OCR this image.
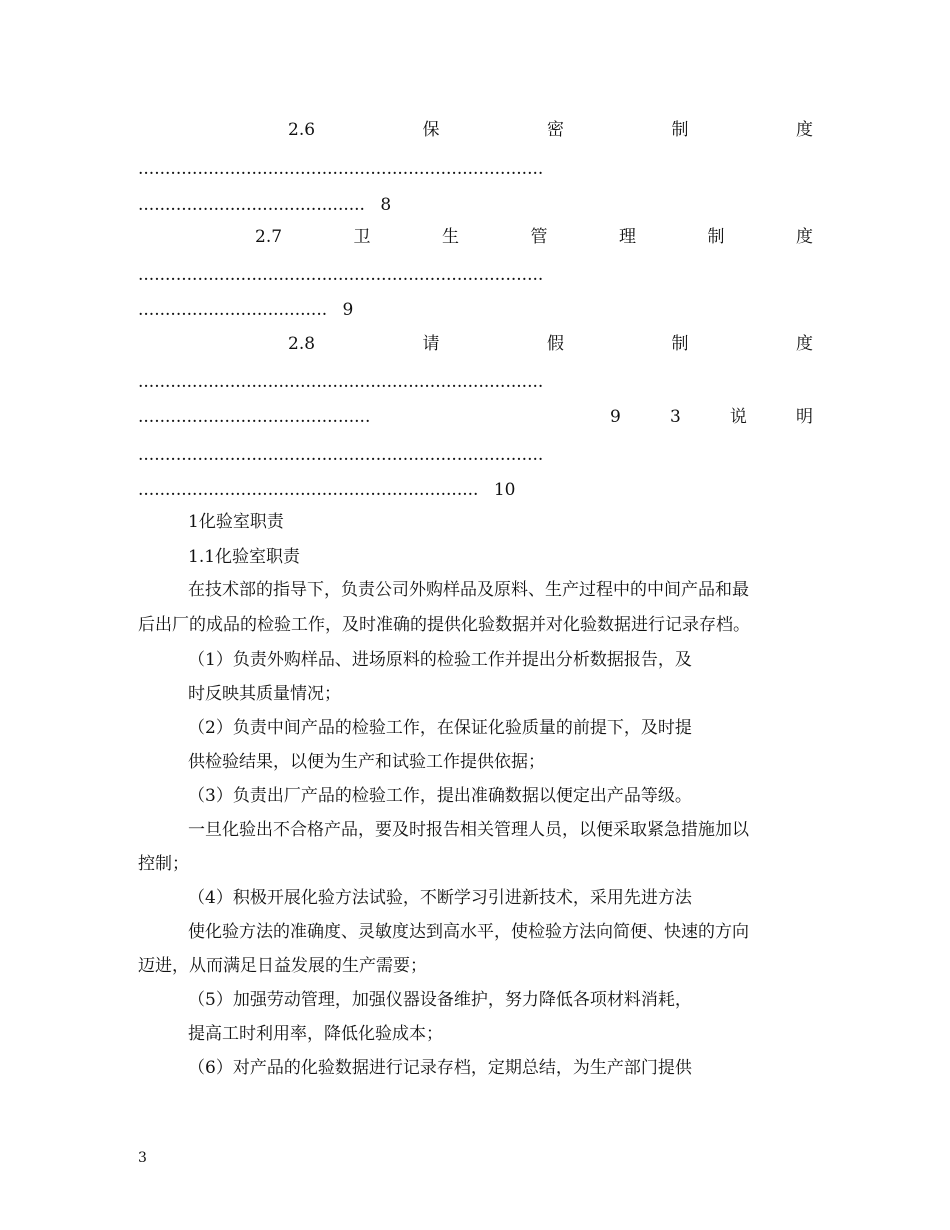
2.6	保	密	制	度
...........................................................................
.......................................... 8
2.7	卫	生	管	理	制	度
...........................................................................
................................... 9
2.8	请	假	制	度
...........................................................................
...........................................	9	3	说	明
...........................................................................
............................................................... 10
1化验室职责
1.1化验室职责
在技术部的指导下，负责公司外购样品及原料、生产过程中的中间产品和最
后出厂的成品的检验工作，及时准确的提供化验数据并对化验数据进行记录存档。
（1）负责外购样品、进场原料的检验工作并提出分析数据报告，及
时反映其质量情况；
（2）负责中间产品的检验工作，在保证化验质量的前提下，及时提
供检验结果，以便为生产和试验工作提供依据；
（3）负责出厂产品的检验工作，提出准确数据以便定出产品等级。
一旦化验出不合格产品，要及时报告相关管理人员，以便采取紧急措施加以
控制；
（4）积极开展化验方法试验，不断学习引进新技术，采用先进方法
使化验方法的准确度、灵敏度达到高水平，使检验方法向简便、快速的方向
迈进，从而满足日益发展的生产需要；
（5）加强劳动管理，加强仪器设备维护，努力降低各项材料消耗，
提高工时利用率，降低化验成本；
（6）对产品的化验数据进行记录存档，定期总结，为生产部门提供
3
